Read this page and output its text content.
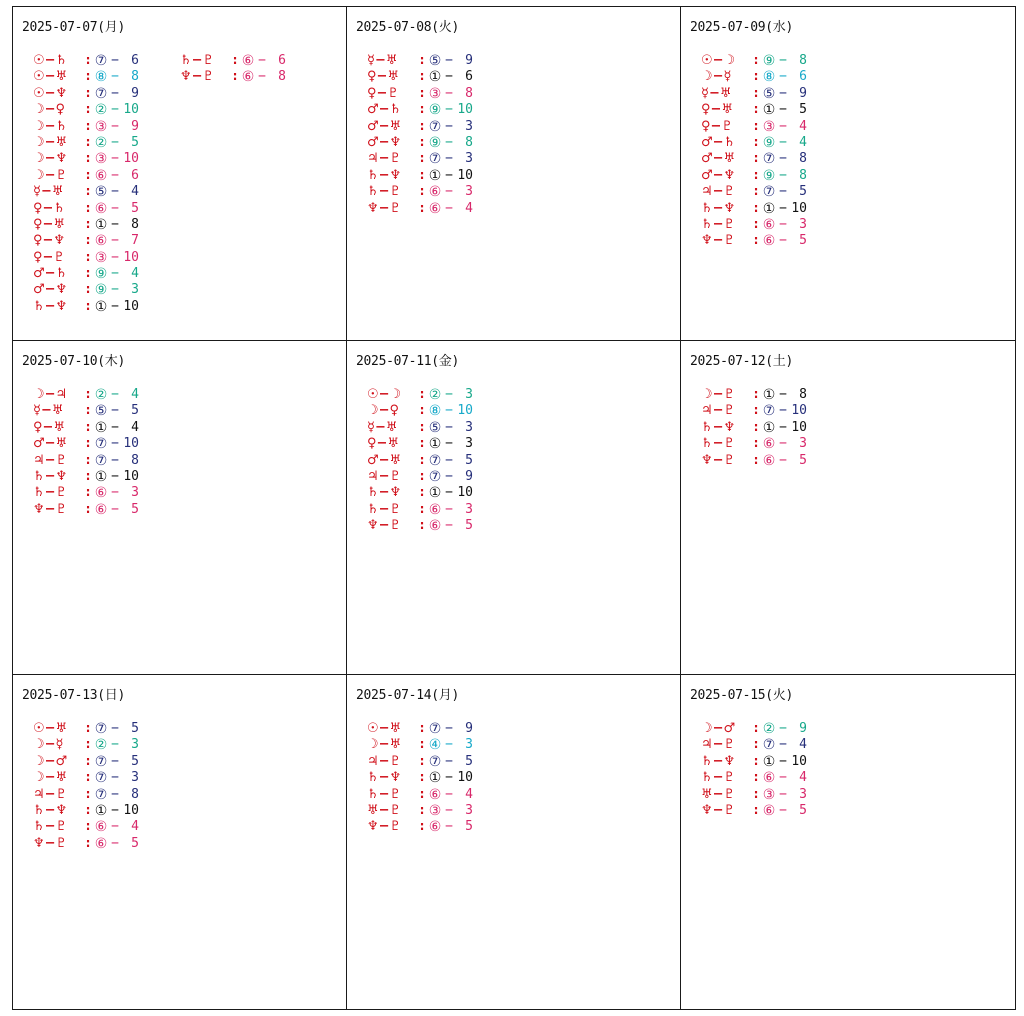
2025-07-07(月)
☉−♄	: ⑦ − 6
☉−♅	: ⑧ − 8
☉−♆	: ⑦ − 9
☽−♀	: ② − 10
☽−♄	: ③ − 9
☽−♅	: ② − 5
☽−♆	: ③ − 10
☽−♇	: ⑥ − 6
☿−♅	: ⑤ − 4
♀−♄	: ⑥ − 5
♀−♅	: ① − 8
♀−♆	: ⑥ − 7
♀−♇	: ③ − 10
♂−♄	: ⑨ − 4
♂−♆	: ⑨ − 3
♄−♆	: ① − 10
♄−♇	: ⑥ − 6
♆−♇	: ⑥ − 8
2025-07-08(火)
☿−♅	: ⑤ − 9
♀−♅	: ① − 6
♀−♇	: ③ − 8
♂−♄	: ⑨ − 10
♂−♅	: ⑦ − 3
♂−♆	: ⑨ − 8
♃−♇	: ⑦ − 3
♄−♆	: ① − 10
♄−♇	: ⑥ − 3
♆−♇	: ⑥ − 4
2025-07-09(水)
☉−☽	: ⑨ − 8
☽−☿	: ⑧ − 6
☿−♅	: ⑤ − 9
♀−♅	: ① − 5
♀−♇	: ③ − 4
♂−♄	: ⑨ − 4
♂−♅	: ⑦ − 8
♂−♆	: ⑨ − 8
♃−♇	: ⑦ − 5
♄−♆	: ① − 10
♄−♇	: ⑥ − 3
♆−♇	: ⑥ − 5
2025-07-10(木)
☽−♃	: ② − 4
☿−♅	: ⑤ − 5
♀−♅	: ① − 4
♂−♅	: ⑦ − 10
♃−♇	: ⑦ − 8
♄−♆	: ① − 10
♄−♇	: ⑥ − 3
♆−♇	: ⑥ − 5
2025-07-11(金)
☉−☽	: ② − 3
☽−♀	: ⑧ − 10
☿−♅	: ⑤ − 3
♀−♅	: ① − 3
♂−♅	: ⑦ − 5
♃−♇	: ⑦ − 9
♄−♆	: ① − 10
♄−♇	: ⑥ − 3
♆−♇	: ⑥ − 5
2025-07-12(土)
☽−♇	: ① − 8
♃−♇	: ⑦ − 10
♄−♆	: ① − 10
♄−♇	: ⑥ − 3
♆−♇	: ⑥ − 5
2025-07-13(日)
☉−♅	: ⑦ − 5
☽−☿	: ② − 3
☽−♂	: ⑦ − 5
☽−♅	: ⑦ − 3
♃−♇	: ⑦ − 8
♄−♆	: ① − 10
♄−♇	: ⑥ − 4
♆−♇	: ⑥ − 5
2025-07-14(月)
☉−♅	: ⑦ − 9
☽−♅	: ④ − 3
♃−♇	: ⑦ − 5
♄−♆	: ① − 10
♄−♇	: ⑥ − 4
♅−♇	: ③ − 3
♆−♇	: ⑥ − 5
2025-07-15(火)
☽−♂	: ② − 9
♃−♇	: ⑦ − 4
♄−♆	: ① − 10
♄−♇	: ⑥ − 4
♅−♇	: ③ − 3
♆−♇	: ⑥ − 5
